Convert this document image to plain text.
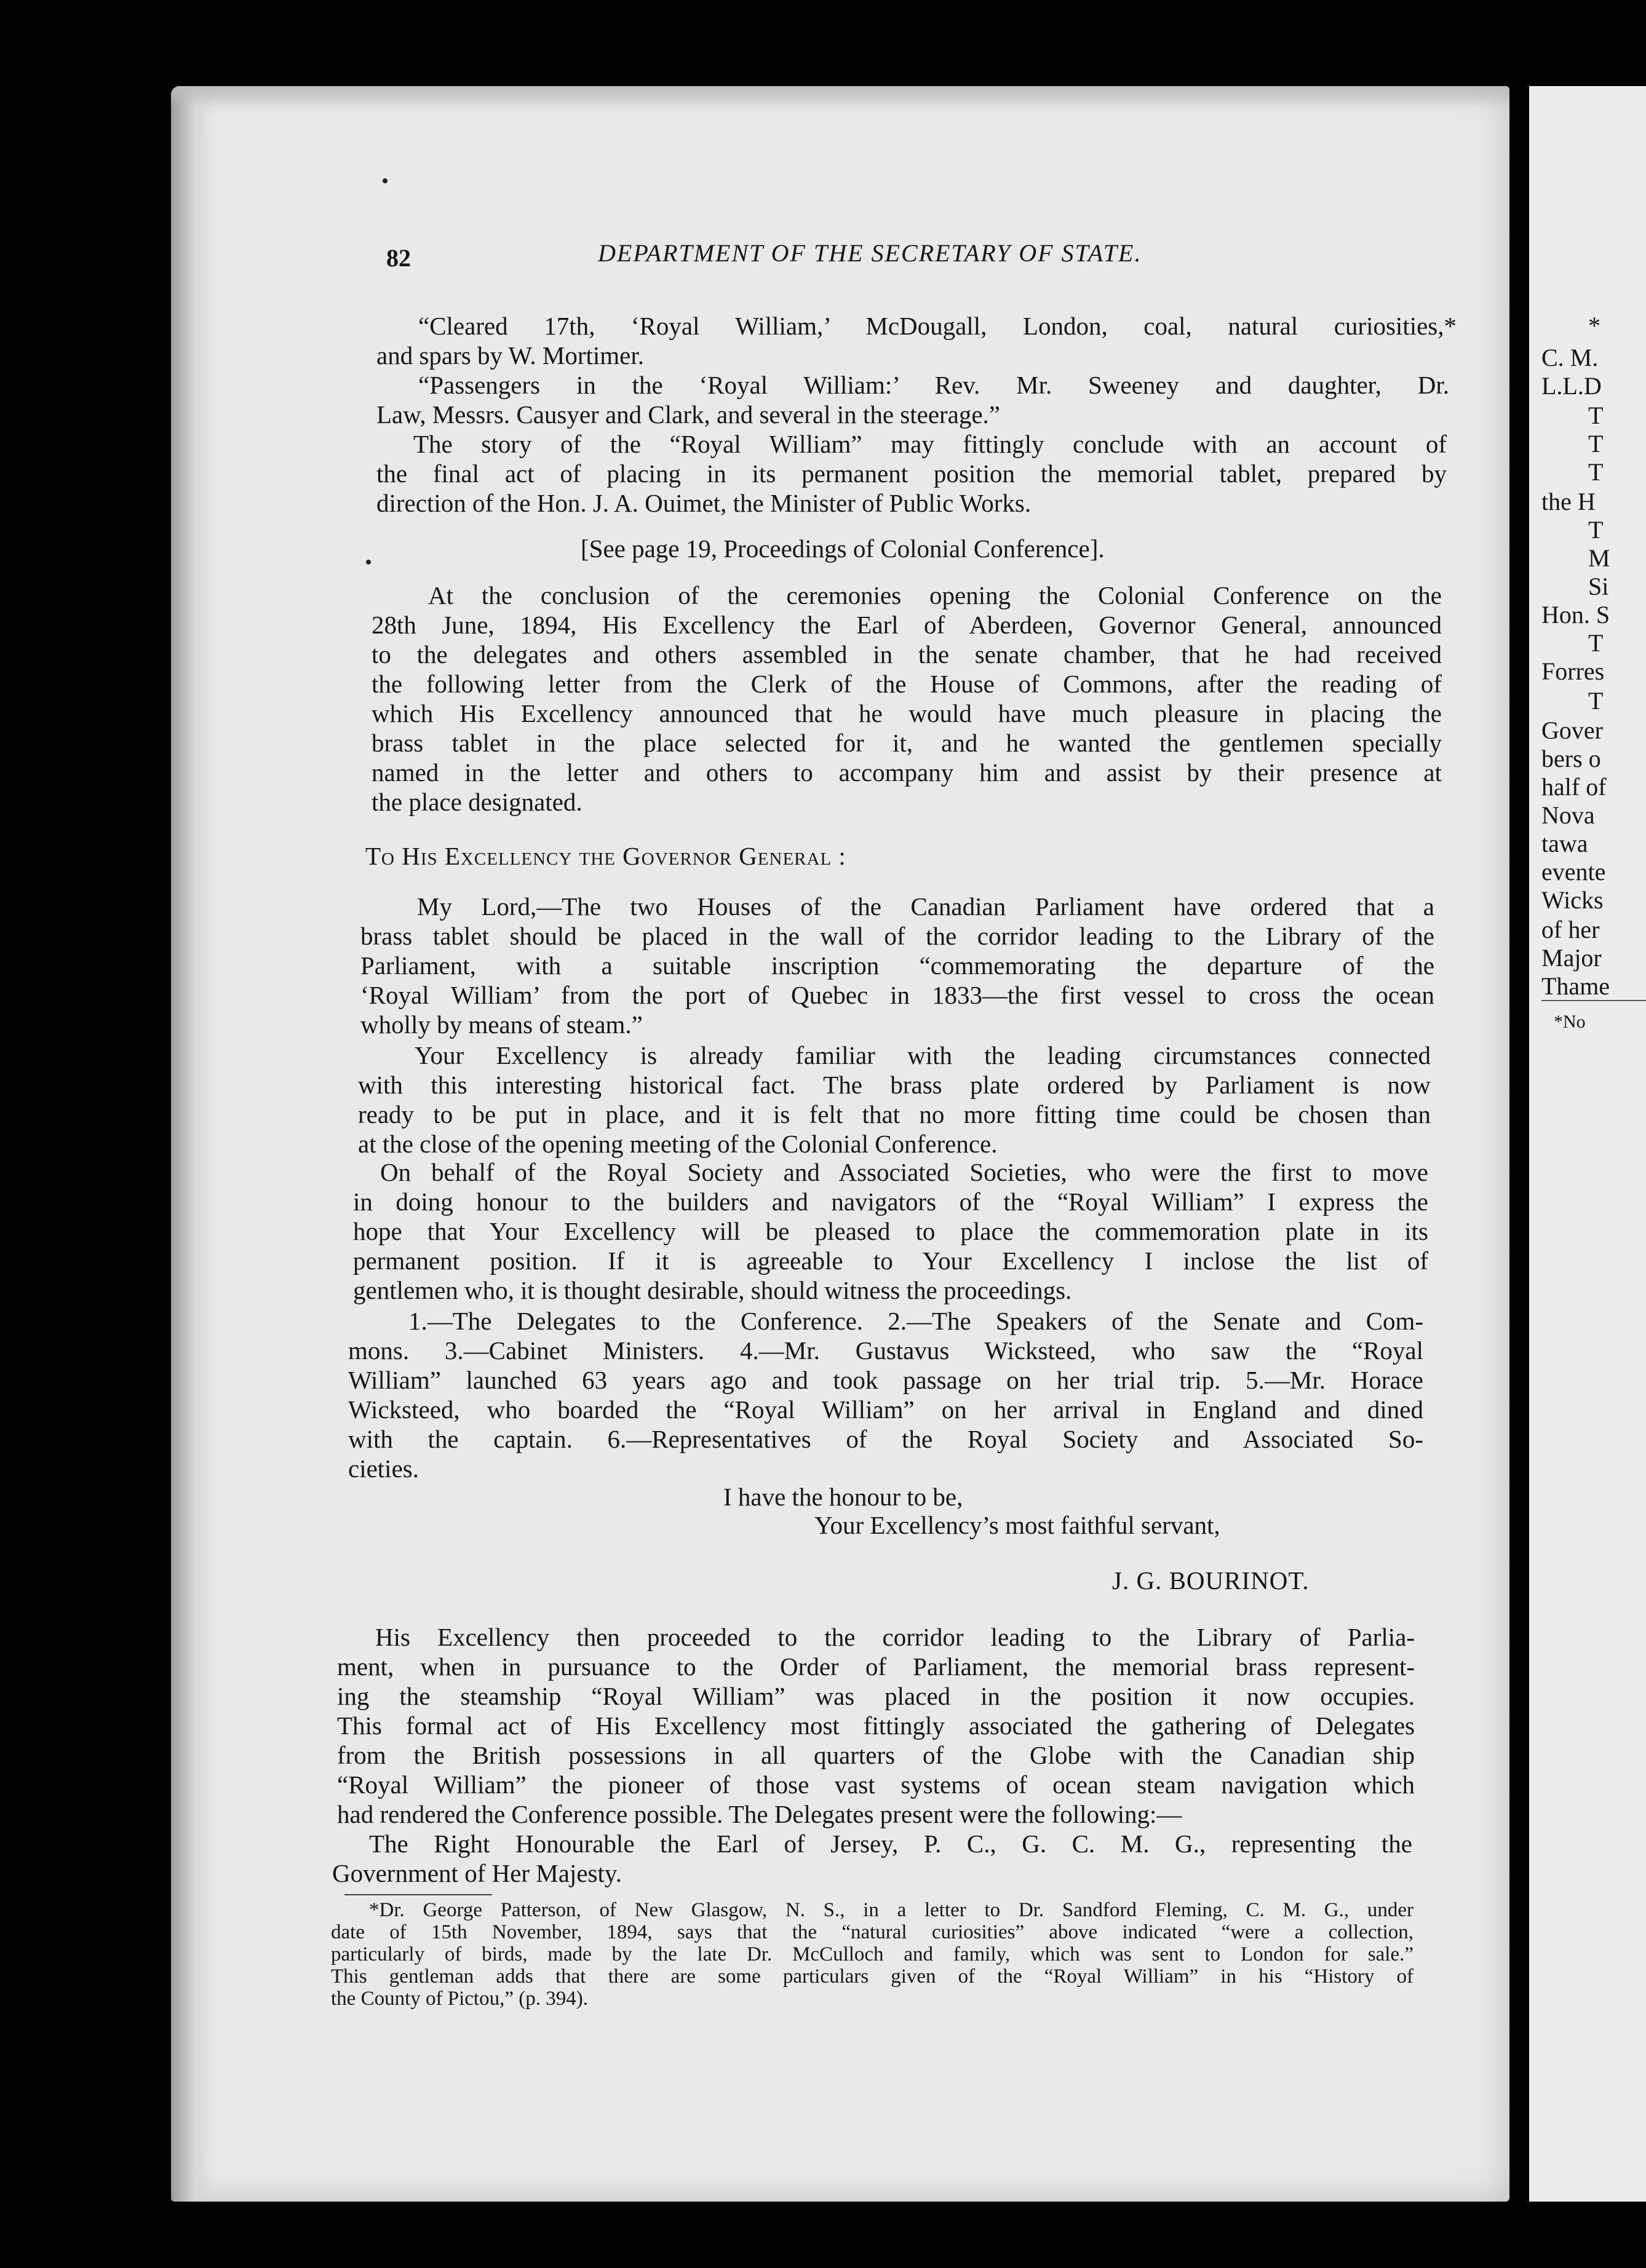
82	DEPARTMENT OF THE SECRETARY OF STATE.
“Cleared 17th, ‘Royal William,’ McDougall, London, coal, natural curiosities,*
and spars by W. Mortimer.
“Passengers in the ‘Royal William:’ Rev. Mr. Sweeney and daughter, Dr.
Law, Messrs. Causyer and Clark, and several in the steerage.”
The story of the “Royal William” may fittingly conclude with an account of
the final act of placing in its permanent position the memorial tablet, prepared by
direction of the Hon. J. A. Ouimet, the Minister of Public Works.
[See page 19, Proceedings of Colonial Conference].
At the conclusion of the ceremonies opening the Colonial Conference on the
28th June, 1894, His Excellency the Earl of Aberdeen, Governor General, announced
to the delegates and others assembled in the senate chamber, that he had received
the following letter from the Clerk of the House of Commons, after the reading of
which His Excellency announced that he would have much pleasure in placing the
brass tablet in the place selected for it, and he wanted the gentlemen specially
named in the letter and others to accompany him and assist by their presence at
the place designated.
To His Excellency the Governor General :
My Lord,—The two Houses of the Canadian Parliament have ordered that a
brass tablet should be placed in the wall of the corridor leading to the Library of the
Parliament, with a suitable inscription “commemorating the departure of the
‘Royal William’ from the port of Quebec in 1833—the first vessel to cross the ocean
wholly by means of steam.”
Your Excellency is already familiar with the leading circumstances connected
with this interesting historical fact. The brass plate ordered by Parliament is now
ready to be put in place, and it is felt that no more fitting time could be chosen than
at the close of the opening meeting of the Colonial Conference.
On behalf of the Royal Society and Associated Societies, who were the first to move
in doing honour to the builders and navigators of the “Royal William” I express the
hope that Your Excellency will be pleased to place the commemoration plate in its
permanent position. If it is agreeable to Your Excellency I inclose the list of
gentlemen who, it is thought desirable, should witness the proceedings.
1.—The Delegates to the Conference. 2.—The Speakers of the Senate and Com-
mons. 3.—Cabinet Ministers. 4.—Mr. Gustavus Wicksteed, who saw the “Royal
William” launched 63 years ago and took passage on her trial trip. 5.—Mr. Horace
Wicksteed, who boarded the “Royal William” on her arrival in England and dined
with the captain. 6.—Representatives of the Royal Society and Associated So-
cieties.
I have the honour to be,
Your Excellency’s most faithful servant,
J. G. BOURINOT.
His Excellency then proceeded to the corridor leading to the Library of Parlia-
ment, when in pursuance to the Order of Parliament, the memorial brass represent-
ing the steamship “Royal William” was placed in the position it now occupies.
This formal act of His Excellency most fittingly associated the gathering of Delegates
from the British possessions in all quarters of the Globe with the Canadian ship
“Royal William” the pioneer of those vast systems of ocean steam navigation which
had rendered the Conference possible. The Delegates present were the following:—
The Right Honourable the Earl of Jersey, P. C., G. C. M. G., representing the
Government of Her Majesty.
*Dr. George Patterson, of New Glasgow, N. S., in a letter to Dr. Sandford Fleming, C. M. G., under
date of 15th November, 1894, says that the “natural curiosities” above indicated “were a collection,
particularly of birds, made by the late Dr. McCulloch and family, which was sent to London for sale.”
This gentleman adds that there are some particulars given of the “Royal William” in his “History of
the County of Pictou,” (p. 394).
*
C. M.
L.L.D
T
T
T
the H
T
M
Si
Hon. S
T
Forres
T
Gover
bers o
half of
Nova
tawa
evente
Wicks
of her
Major
Thame
*No
